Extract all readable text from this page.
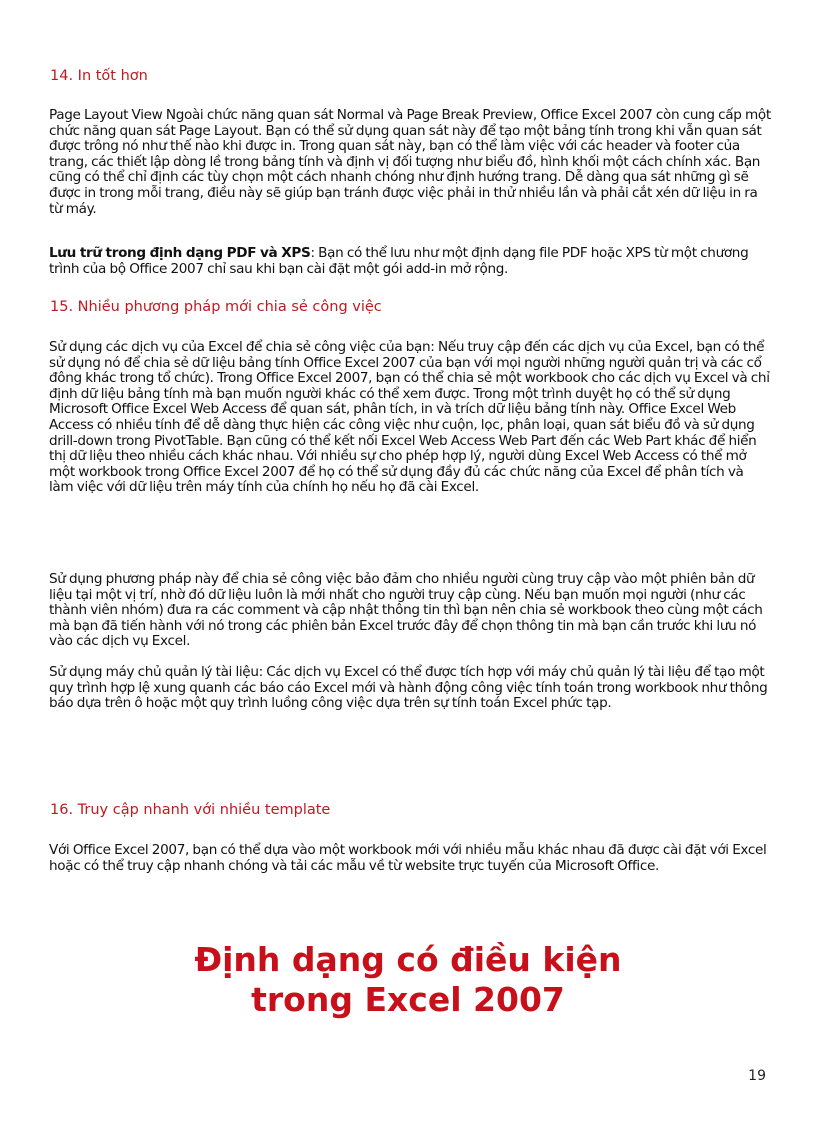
14. In tốt hơn

Page Layout View Ngoài chức năng quan sát Normal và Page Break Preview, Office Excel 2007 còn cung cấp một chức năng quan sát Page Layout. Bạn có thể sử dụng quan sát này để tạo một bảng tính trong khi vẫn quan sát được trông nó như thế nào khi được in. Trong quan sát này, bạn có thể làm việc với các header và footer của trang, các thiết lập dòng lề trong bảng tính và định vị đối tượng như biểu đồ, hình khối một cách chính xác. Bạn cũng có thể chỉ định các tùy chọn một cách nhanh chóng như định hướng trang. Dễ dàng qua sát những gì sẽ được in trong mỗi trang, điều này sẽ giúp bạn tránh được việc phải in thử nhiều lần và phải cắt xén dữ liệu in ra từ máy.

Lưu trữ trong định dạng PDF và XPS: Bạn có thể lưu như một định dạng file PDF hoặc XPS từ một chương trình của bộ Office 2007 chỉ sau khi bạn cài đặt một gói add-in mở rộng.

15. Nhiều phương pháp mới chia sẻ công việc

Sử dụng các dịch vụ của Excel để chia sẻ công việc của bạn: Nếu truy cập đến các dịch vụ của Excel, bạn có thể sử dụng nó để chia sẻ dữ liệu bảng tính Office Excel 2007 của bạn với mọi người những người quản trị và các cổ đông khác trong tổ chức). Trong Office Excel 2007, bạn có thể chia sẻ một workbook cho các dịch vụ Excel và chỉ định dữ liệu bảng tính mà bạn muốn người khác có thể xem được. Trong một trình duyệt họ có thể sử dụng Microsoft Office Excel Web Access để quan sát, phân tích, in và trích dữ liệu bảng tính này. Office Excel Web Access có nhiều tính để dễ dàng thực hiện các công việc như cuộn, lọc, phân loại, quan sát biểu đồ và sử dụng drill-down trong PivotTable. Bạn cũng có thể kết nối Excel Web Access Web Part đến các Web Part khác để hiển thị dữ liệu theo nhiều cách khác nhau. Với nhiều sự cho phép hợp lý, người dùng Excel Web Access có thể mở một workbook trong Office Excel 2007 để họ có thể sử dụng đầy đủ các chức năng của Excel để phân tích và làm việc với dữ liệu trên máy tính của chính họ nếu họ đã cài Excel.

Sử dụng phương pháp này để chia sẻ công việc bảo đảm cho nhiều người cùng truy cập vào một phiên bản dữ liệu tại một vị trí, nhờ đó dữ liệu luôn là mới nhất cho người truy cập cùng. Nếu bạn muốn mọi người (như các thành viên nhóm) đưa ra các comment và cập nhật thông tin thì bạn nên chia sẻ workbook theo cùng một cách mà bạn đã tiến hành với nó trong các phiên bản Excel trước đây để chọn thông tin mà bạn cần trước khi lưu nó vào các dịch vụ Excel.

Sử dụng máy chủ quản lý tài liệu: Các dịch vụ Excel có thể được tích hợp với máy chủ quản lý tài liệu để tạo một quy trình hợp lệ xung quanh các báo cáo Excel mới và hành động công việc tính toán trong workbook như thông báo dựa trên ô hoặc một quy trình luồng công việc dựa trên sự tính toán Excel phức tạp.

16. Truy cập nhanh với nhiều template

Với Office Excel 2007, bạn có thể dựa vào một workbook mới với nhiều mẫu khác nhau đã được cài đặt với Excel hoặc có thể truy cập nhanh chóng và tải các mẫu về từ website trực tuyến của Microsoft Office.

Định dạng có điều kiện
trong Excel 2007
19
